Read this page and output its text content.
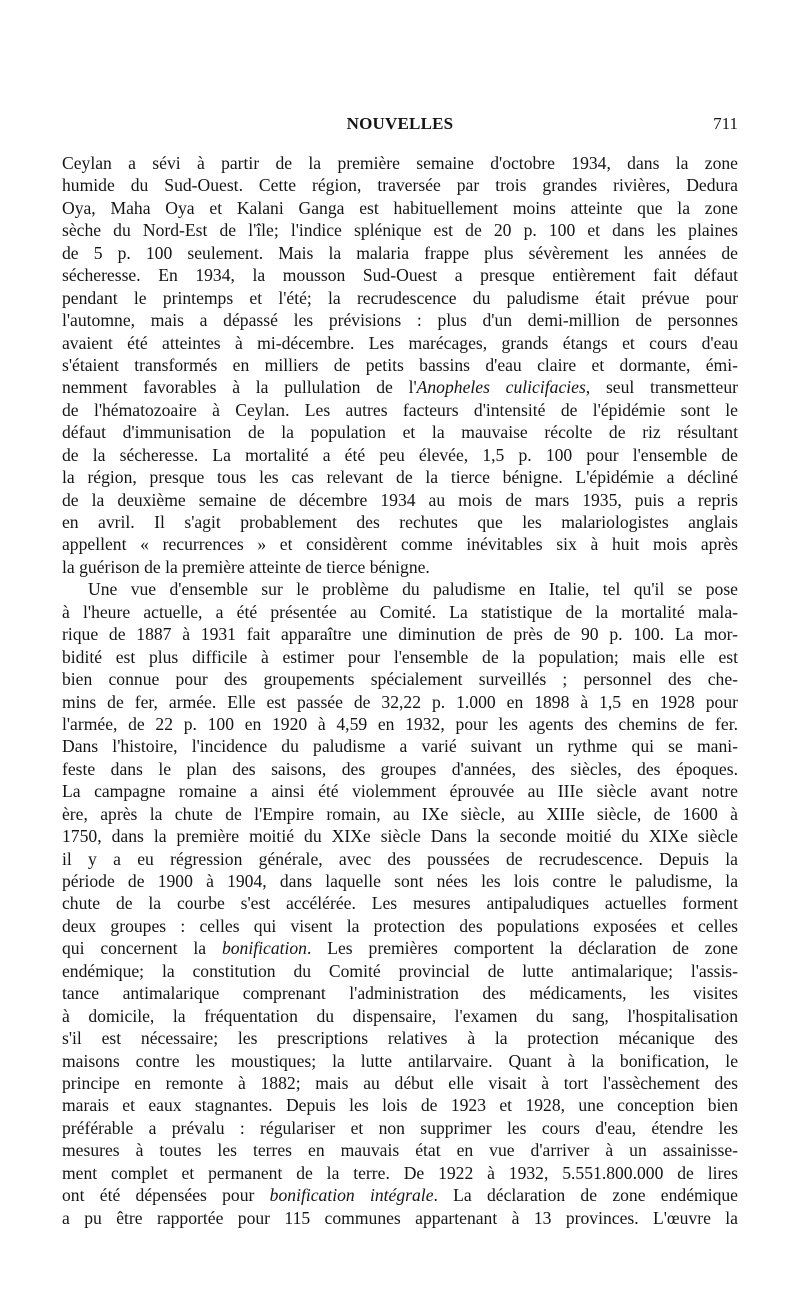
NOUVELLES	711
Ceylan a sévi à partir de la première semaine d'octobre 1934, dans la zone
humide du Sud-Ouest. Cette région, traversée par trois grandes rivières, Dedura
Oya, Maha Oya et Kalani Ganga est habituellement moins atteinte que la zone
sèche du Nord-Est de l'île; l'indice splénique est de 20 p. 100 et dans les plaines
de 5 p. 100 seulement. Mais la malaria frappe plus sévèrement les années de
sécheresse. En 1934, la mousson Sud-Ouest a presque entièrement fait défaut
pendant le printemps et l'été; la recrudescence du paludisme était prévue pour
l'automne, mais a dépassé les prévisions : plus d'un demi-million de personnes
avaient été atteintes à mi-décembre. Les marécages, grands étangs et cours d'eau
s'étaient transformés en milliers de petits bassins d'eau claire et dormante, émi-
nemment favorables à la pullulation de l'Anopheles culicifacies, seul transmetteur
de l'hématozoaire à Ceylan. Les autres facteurs d'intensité de l'épidémie sont le
défaut d'immunisation de la population et la mauvaise récolte de riz résultant
de la sécheresse. La mortalité a été peu élevée, 1,5 p. 100 pour l'ensemble de
la région, presque tous les cas relevant de la tierce bénigne. L'épidémie a décliné
de la deuxième semaine de décembre 1934 au mois de mars 1935, puis a repris
en avril. Il s'agit probablement des rechutes que les malariologistes anglais
appellent « recurrences » et considèrent comme inévitables six à huit mois après
la guérison de la première atteinte de tierce bénigne.
Une vue d'ensemble sur le problème du paludisme en Italie, tel qu'il se pose
à l'heure actuelle, a été présentée au Comité. La statistique de la mortalité mala-
rique de 1887 à 1931 fait apparaître une diminution de près de 90 p. 100. La mor-
bidité est plus difficile à estimer pour l'ensemble de la population; mais elle est
bien connue pour des groupements spécialement surveillés ; personnel des che-
mins de fer, armée. Elle est passée de 32,22 p. 1.000 en 1898 à 1,5 en 1928 pour
l'armée, de 22 p. 100 en 1920 à 4,59 en 1932, pour les agents des chemins de fer.
Dans l'histoire, l'incidence du paludisme a varié suivant un rythme qui se mani-
feste dans le plan des saisons, des groupes d'années, des siècles, des époques.
La campagne romaine a ainsi été violemment éprouvée au IIIe siècle avant notre
ère, après la chute de l'Empire romain, au IXe siècle, au XIIIe siècle, de 1600 à
1750, dans la première moitié du XIXe siècle Dans la seconde moitié du XIXe siècle
il y a eu régression générale, avec des poussées de recrudescence. Depuis la
période de 1900 à 1904, dans laquelle sont nées les lois contre le paludisme, la
chute de la courbe s'est accélérée. Les mesures antipaludiques actuelles forment
deux groupes : celles qui visent la protection des populations exposées et celles
qui concernent la bonification. Les premières comportent la déclaration de zone
endémique; la constitution du Comité provincial de lutte antimalarique; l'assis-
tance antimalarique comprenant l'administration des médicaments, les visites
à domicile, la fréquentation du dispensaire, l'examen du sang, l'hospitalisation
s'il est nécessaire; les prescriptions relatives à la protection mécanique des
maisons contre les moustiques; la lutte antilarvaire. Quant à la bonification, le
principe en remonte à 1882; mais au début elle visait à tort l'assèchement des
marais et eaux stagnantes. Depuis les lois de 1923 et 1928, une conception bien
préférable a prévalu : régulariser et non supprimer les cours d'eau, étendre les
mesures à toutes les terres en mauvais état en vue d'arriver à un assainisse-
ment complet et permanent de la terre. De 1922 à 1932, 5.551.800.000 de lires
ont été dépensées pour bonification intégrale. La déclaration de zone endémique
a pu être rapportée pour 115 communes appartenant à 13 provinces. L'œuvre la
